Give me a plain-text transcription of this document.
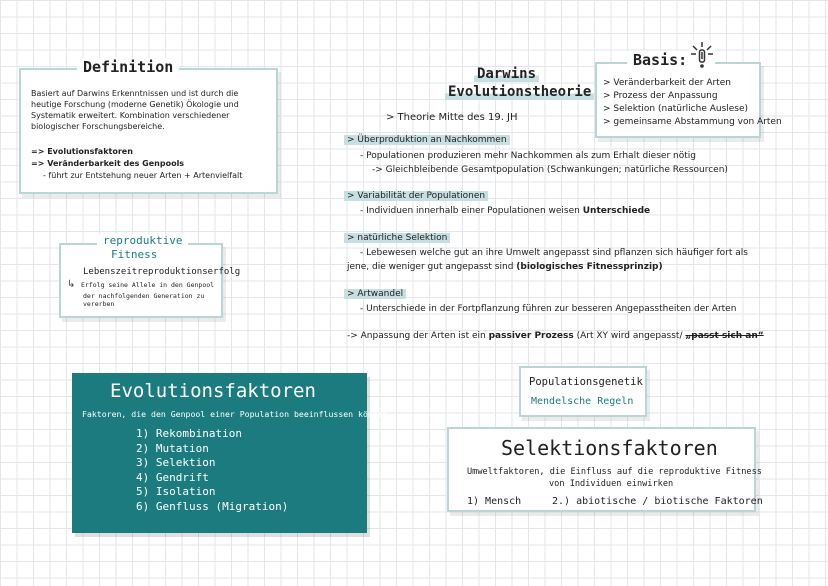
Definition
Basiert auf Darwins Erkenntnissen und ist durch die heutige Forschung (moderne Genetik) Ökologie und Systematik erweitert. Kombination verschiedener biologischer Forschungsbereiche.
=> Evolutionsfaktoren
=> Veränderbarkeit des Genpools
- führt zur Entstehung neuer Arten + Artenvielfalt
reproduktive
Fitness
Lebenszeitreproduktionserfolg
↳ Erfolg seine Allele in den Genpool
der nachfolgenden Generation zu vererben
Darwins
Evolutionstheorie
> Theorie Mitte des 19. JH
> Überproduktion an Nachkommen
- Populationen produzieren mehr Nachkommen als zum Erhalt dieser nötig
-> Gleichbleibende Gesamtpopulation (Schwankungen; natürliche Ressourcen)
> Variabilität der Populationen
- Individuen innerhalb einer Populationen weisen Unterschiede
> natürliche Selektion
- Lebewesen welche gut an ihre Umwelt angepasst sind pflanzen sich häufiger fort als
jene, die weniger gut angepasst sind (biologisches Fitnessprinzip)
> Artwandel
- Unterschiede in der Fortpflanzung führen zur besseren Angepasstheiten der Arten
-> Anpassung der Arten ist ein passiver Prozess (Art XY wird angepasst/ „passt sich an“
Basis:
> Veränderbarkeit der Arten
> Prozess der Anpassung
> Selektion (natürliche Auslese)
> gemeinsame Abstammung von Arten
Evolutionsfaktoren
Faktoren, die den Genpool einer Population beeinflussen können
1) Rekombination
2) Mutation
3) Selektion
4) Gendrift
5) Isolation
6) Genfluss (Migration)
Populationsgenetik
Mendelsche Regeln
Selektionsfaktoren
Umweltfaktoren, die Einfluss auf die reproduktive Fitness
von Individuen einwirken
1) Mensch	2.) abiotische / biotische Faktoren
